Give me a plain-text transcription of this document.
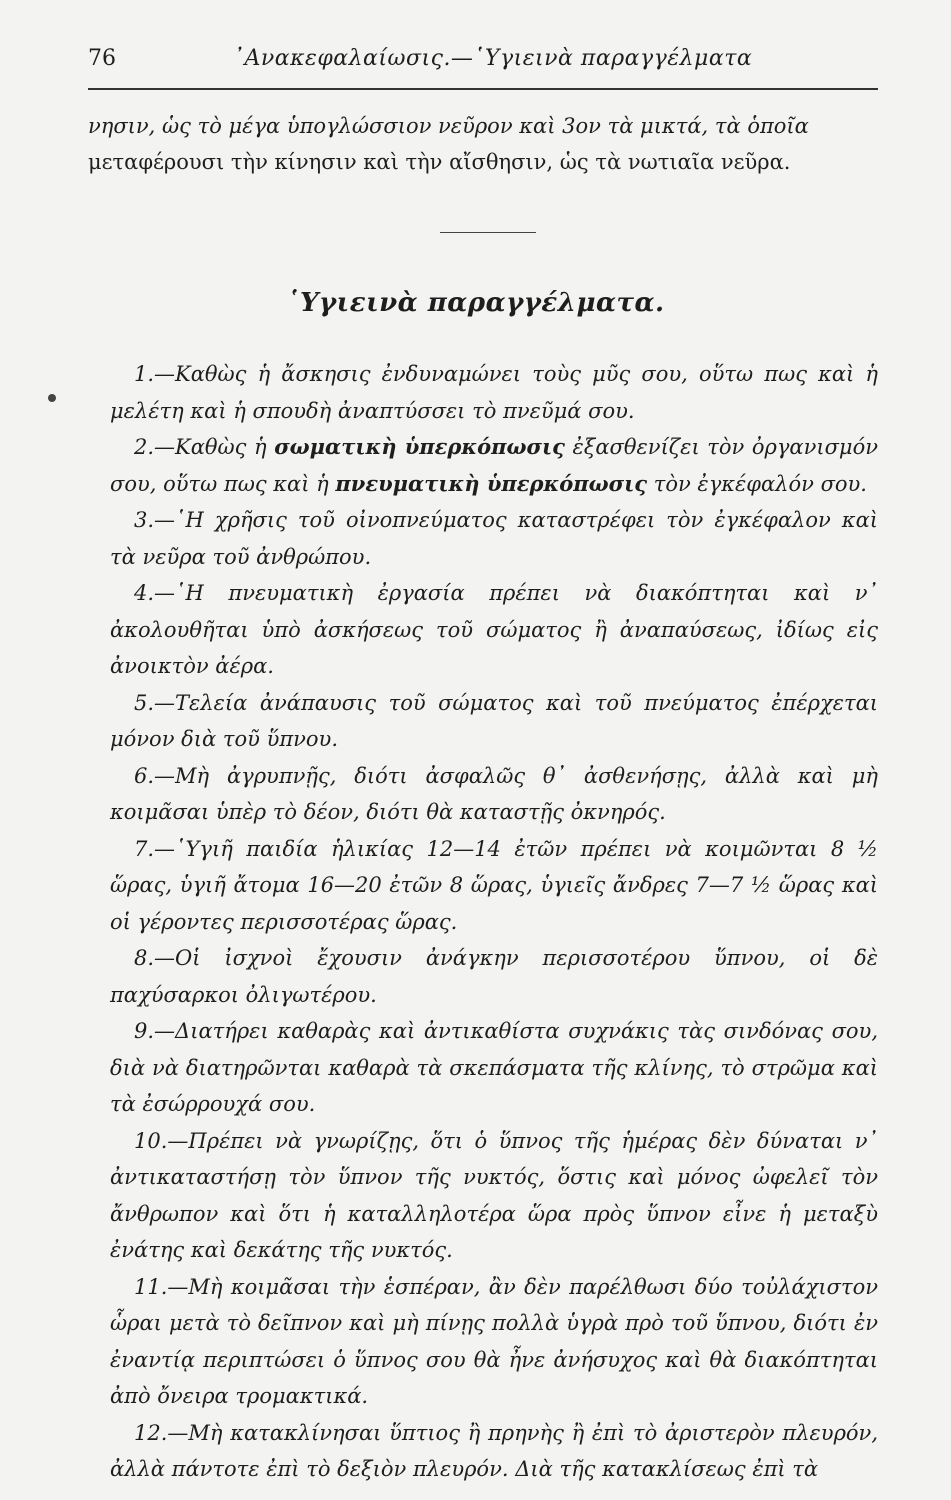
76	᾿Ανακεφαλαίωσις.—῾Υγιεινὰ παραγγέλματα

νησιν, ὡς τὸ μέγα ὑπογλώσσιον νεῦρον καὶ 3ον τὰ μικτά, τὰ ὁποῖα

μεταφέρουσι τὴν κίνησιν καὶ τὴν αἴσθησιν, ὡς τὰ νωτιαῖα νεῦρα.

῾Υγιεινὰ παραγγέλματα.

1.—Καθὼς ἡ ἄσκησις ἐνδυναμώνει τοὺς μῦς σου, οὕτω πως καὶ ἡ μελέτη καὶ ἡ σπουδὴ ἀναπτύσσει τὸ πνεῦμά σου.

2.—Καθὼς ἡ σωματικὴ ὑπερκόπωσις ἐξασθενίζει τὸν ὀργανισμόν σου, οὕτω πως καὶ ἡ πνευματικὴ ὑπερκόπωσις τὸν ἐγκέφαλόν σου.

3.—῾Η χρῆσις τοῦ οἰνοπνεύματος καταστρέφει τὸν ἐγκέφαλον καὶ τὰ νεῦρα τοῦ ἀνθρώπου.

4.—῾Η πνευματικὴ ἐργασία πρέπει νὰ διακόπτηται καὶ ν᾿ ἀκολουθῆται ὑπὸ ἀσκήσεως τοῦ σώματος ἢ ἀναπαύσεως, ἰδίως εἰς ἀνοικτὸν ἀέρα.

5.—Τελεία ἀνάπαυσις τοῦ σώματος καὶ τοῦ πνεύματος ἐπέρχεται μόνον διὰ τοῦ ὕπνου.

6.—Μὴ ἀγρυπνῇς, διότι ἀσφαλῶς θ᾿ ἀσθενήσῃς, ἀλλὰ καὶ μὴ κοιμᾶσαι ὑπὲρ τὸ δέον, διότι θὰ καταστῇς ὀκνηρός.

7.—῾Υγιῆ παιδία ἡλικίας 12—14 ἐτῶν πρέπει νὰ κοιμῶνται 8 ½ ὥρας, ὑγιῆ ἄτομα 16—20 ἐτῶν 8 ὥρας, ὑγιεῖς ἄνδρες 7—7 ½ ὥρας καὶ οἱ γέροντες περισσοτέρας ὥρας.

8.—Οἱ ἰσχνοὶ ἔχουσιν ἀνάγκην περισσοτέρου ὕπνου, οἱ δὲ παχύσαρκοι ὀλιγωτέρου.

9.—Διατήρει καθαρὰς καὶ ἀντικαθίστα συχνάκις τὰς σινδόνας σου, διὰ νὰ διατηρῶνται καθαρὰ τὰ σκεπάσματα τῆς κλίνης, τὸ στρῶμα καὶ τὰ ἐσώρρουχά σου.

10.—Πρέπει νὰ γνωρίζῃς, ὅτι ὁ ὕπνος τῆς ἡμέρας δὲν δύναται ν᾿ ἀντικαταστήσῃ τὸν ὕπνον τῆς νυκτός, ὅστις καὶ μόνος ὠφελεῖ τὸν ἄνθρωπον καὶ ὅτι ἡ καταλληλοτέρα ὥρα πρὸς ὕπνον εἶνε ἡ μεταξὺ ἐνάτης καὶ δεκάτης τῆς νυκτός.

11.—Μὴ κοιμᾶσαι τὴν ἑσπέραν, ἂν δὲν παρέλθωσι δύο τοὐλάχιστον ὧραι μετὰ τὸ δεῖπνον καὶ μὴ πίνῃς πολλὰ ὑγρὰ πρὸ τοῦ ὕπνου, διότι ἐν ἐναντίᾳ περιπτώσει ὁ ὕπνος σου θὰ ἦνε ἀνήσυχος καὶ θὰ διακόπτηται ἀπὸ ὄνειρα τρομακτικά.

12.—Μὴ κατακλίνησαι ὕπτιος ἢ πρηνὴς ἢ ἐπὶ τὸ ἀριστερὸν πλευρόν, ἀλλὰ πάντοτε ἐπὶ τὸ δεξιὸν πλευρόν. Διὰ τῆς κατακλίσεως ἐπὶ τὰ
